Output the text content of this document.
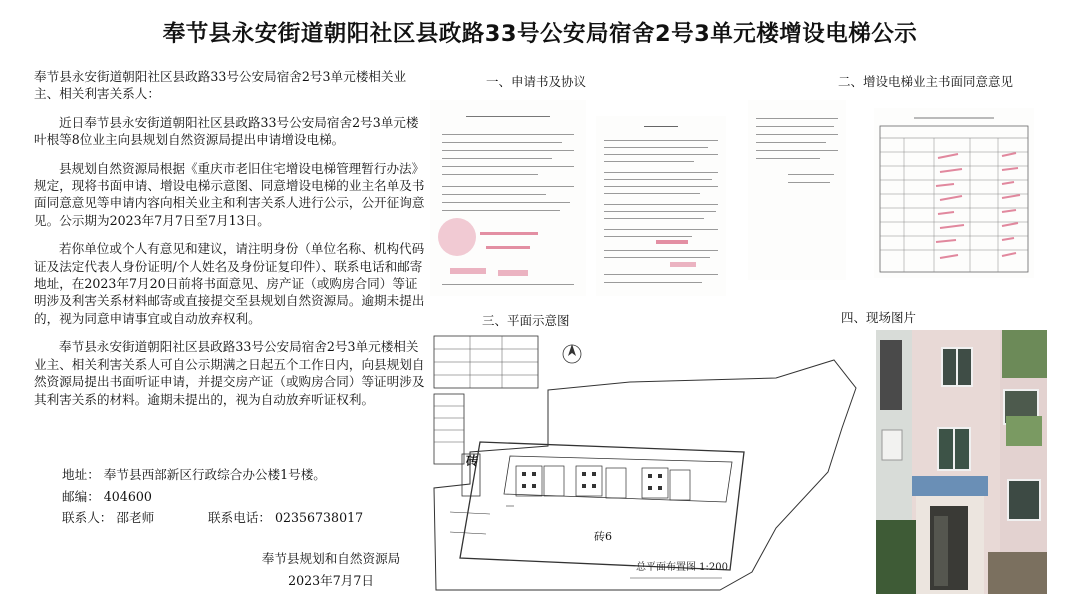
奉节县永安街道朝阳社区县政路33号公安局宿舍2号3单元楼增设电梯公示

奉节县永安街道朝阳社区县政路33号公安局宿舍2号3单元楼相关业主、相关利害关系人：

近日奉节县永安街道朝阳社区县政路33号公安局宿舍2号3单元楼叶根等8位业主向县规划自然资源局提出申请增设电梯。

县规划自然资源局根据《重庆市老旧住宅增设电梯管理暂行办法》规定，现将书面申请、增设电梯示意图、同意增设电梯的业主名单及书面同意意见等申请内容向相关业主和利害关系人进行公示，公开征询意见。公示期为2023年7月7日至7月13日。

若你单位或个人有意见和建议，请注明身份（单位名称、机构代码证及法定代表人身份证明/个人姓名及身份证复印件）、联系电话和邮寄地址，在2023年7月20日前将书面意见、房产证（或购房合同）等证明涉及利害关系材料邮寄或直接提交至县规划自然资源局。逾期未提出的，视为同意申请事宜或自动放弃权利。

奉节县永安街道朝阳社区县政路33号公安局宿舍2号3单元楼相关业主、相关利害关系人可自公示期满之日起五个工作日内，向县规划自然资源局提出书面听证申请，并提交房产证（或购房合同）等证明涉及其利害关系的材料。逾期未提出的，视为自动放弃听证权利。

地址： 奉节县西部新区行政综合办公楼1号楼。
邮编： 404600
联系人： 邵老师	联系电话： 02356738017
奉节县规划和自然资源局
2023年7月7日
一、申请书及协议	二、增设电梯业主书面同意意见
三、平面示意图	四、现场图片
砖
砖6
总平面布置图 1:200
